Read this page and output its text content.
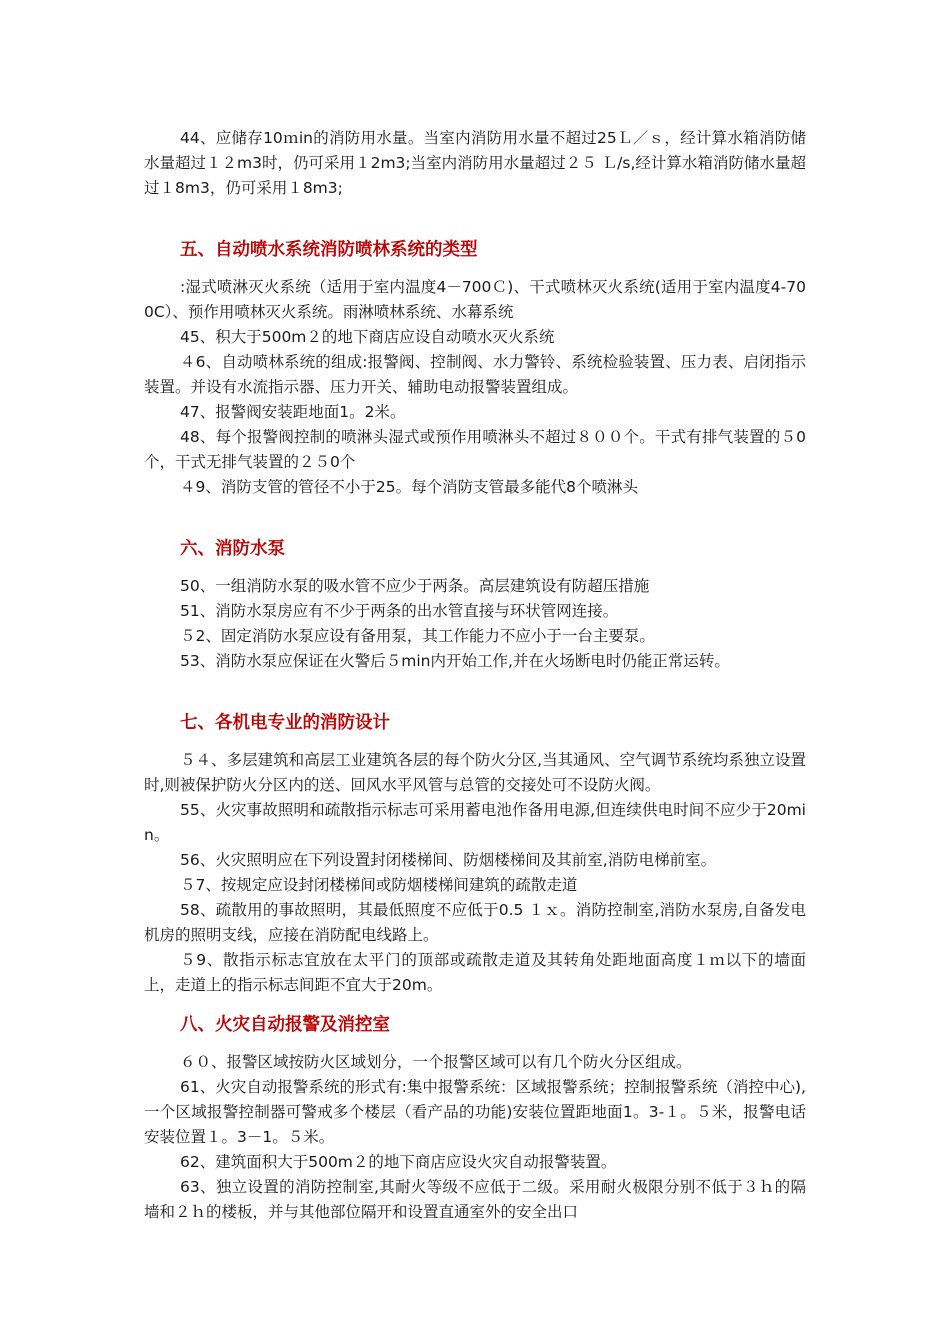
44、应储存10ｍin的消防用水量。当室内消防用水量不超过25Ｌ／ｓ，经计算水箱消防储水量超过１２m3时，仍可采用１2m3;当室内消防用水量超过２５ Ｌ/s,经计算水箱消防储水量超过１8m3，仍可采用１8m3;

五、自动喷水系统消防喷林系统的类型

:湿式喷淋灭火系统（适用于室内温度4－700Ｃ)、干式喷林灭火系统(适用于室内温度4-700C）、预作用喷林灭火系统。雨淋喷林系统、水幕系统

45、积大于500m２的地下商店应设自动喷水灭火系统

４6、自动喷林系统的组成:报警阀、控制阀、水力警铃、系统检验装置、压力表、启闭指示装置。并设有水流指示器、压力开关、辅助电动报警装置组成。

47、报警阀安装距地面1。2米。

48、每个报警阀控制的喷淋头湿式或预作用喷淋头不超过８００个。干式有排气装置的５0个，干式无排气装置的２５0个

４9、消防支管的管径不小于25。每个消防支管最多能代8个喷淋头

六、消防水泵

50、一组消防水泵的吸水管不应少于两条。高层建筑设有防超压措施

51、消防水泵房应有不少于两条的出水管直接与环状管网连接。

５2、固定消防水泵应设有备用泵，其工作能力不应小于一台主要泵。

53、消防水泵应保证在火警后５min内开始工作,并在火场断电时仍能正常运转。

七、各机电专业的消防设计

５４、多层建筑和高层工业建筑各层的每个防火分区,当其通风、空气调节系统均系独立设置时,则被保护防火分区内的送、回风水平风管与总管的交接处可不设防火阀。

55、火灾事故照明和疏散指示标志可采用蓄电池作备用电源,但连续供电时间不应少于20min。

56、火灾照明应在下列设置封闭楼梯间、防烟楼梯间及其前室,消防电梯前室。

５7、按规定应设封闭楼梯间或防烟楼梯间建筑的疏散走道

58、疏散用的事故照明，其最低照度不应低于0.5 １ｘ。消防控制室,消防水泵房,自备发电机房的照明支线，应接在消防配电线路上。

５9、散指示标志宜放在太平门的顶部或疏散走道及其转角处距地面高度１ｍ以下的墙面上，走道上的指示标志间距不宜大于20m。

八、火灾自动报警及消控室

６０、报警区域按防火区域划分，一个报警区域可以有几个防火分区组成。

61、火灾自动报警系统的形式有:集中报警系统：区域报警系统；控制报警系统（消控中心),一个区域报警控制器可警戒多个楼层（看产品的功能)安装位置距地面1。3-１。５米，报警电话安装位置１。3－1。５米。

62、建筑面积大于500m２的地下商店应设火灾自动报警装置。

63、独立设置的消防控制室,其耐火等级不应低于二级。采用耐火极限分别不低于３ｈ的隔墙和２ｈ的楼板，并与其他部位隔开和设置直通室外的安全出口
